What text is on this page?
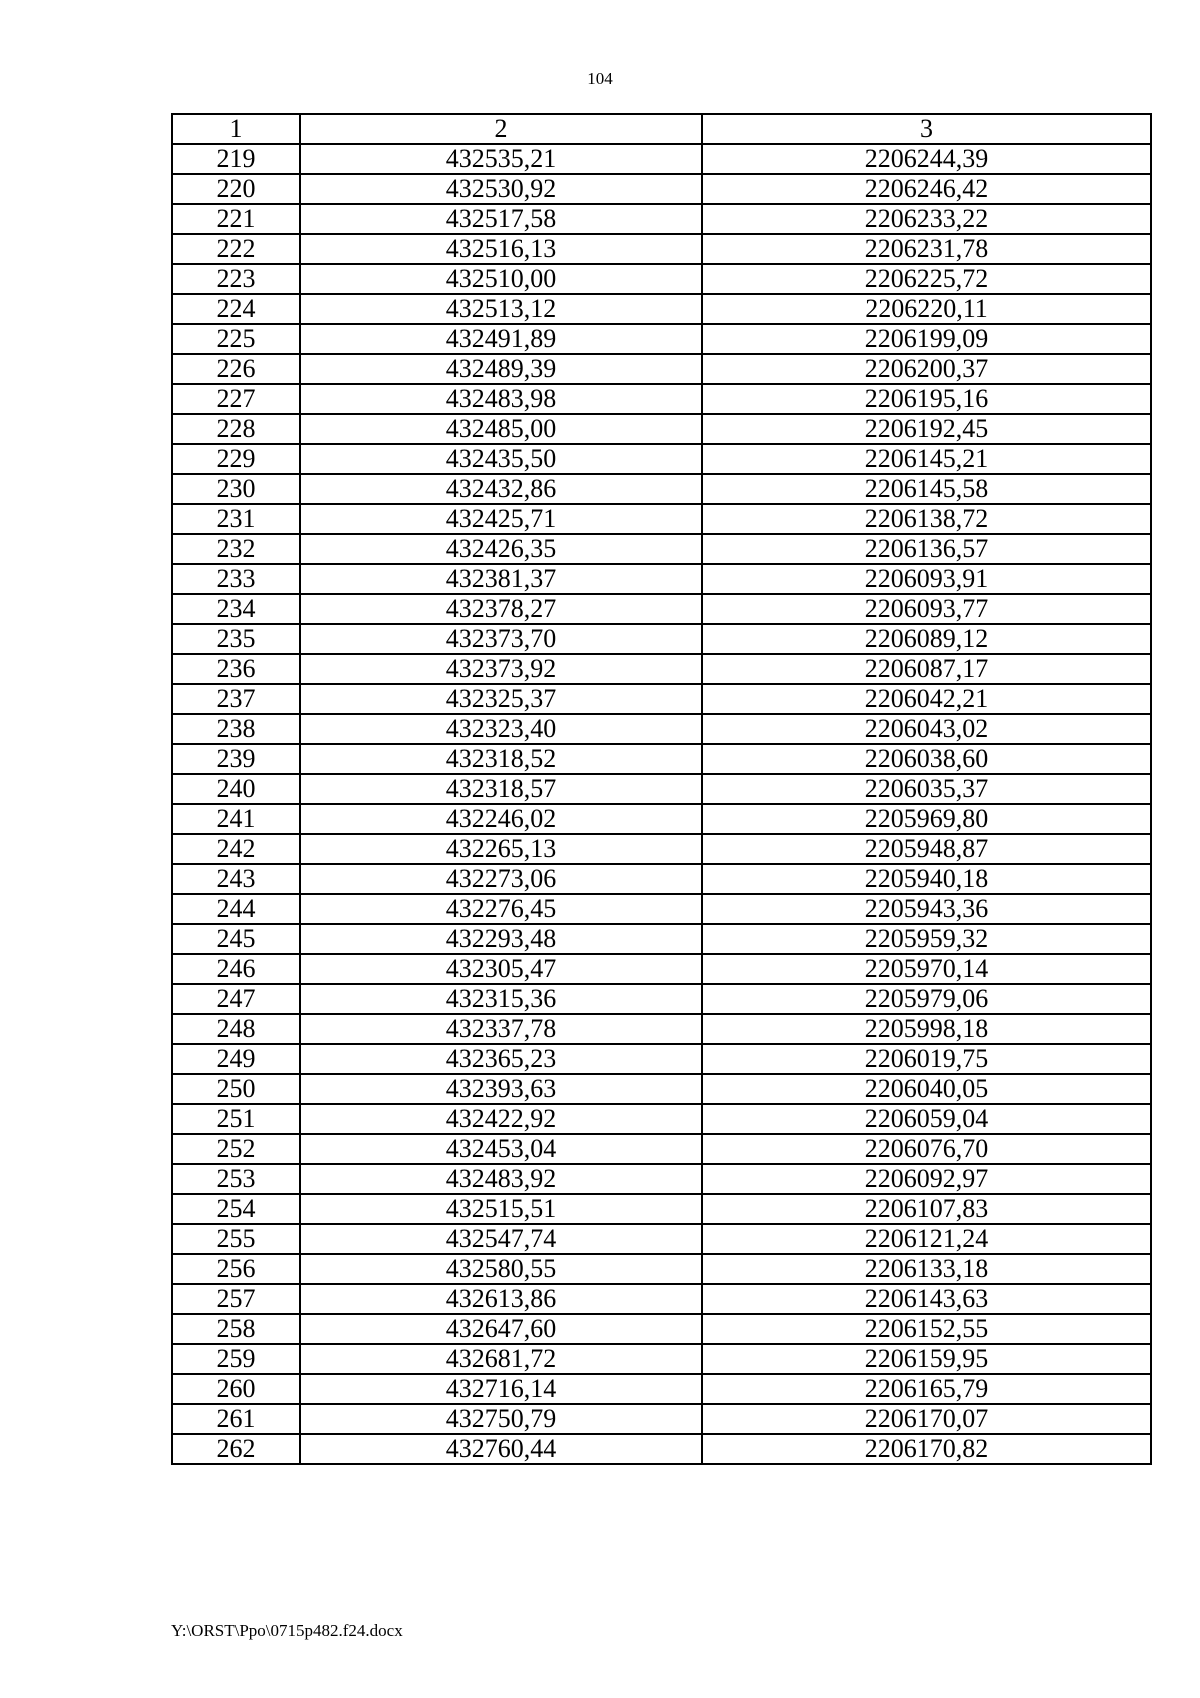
104
1	2	3
219	432535,21	2206244,39
220	432530,92	2206246,42
221	432517,58	2206233,22
222	432516,13	2206231,78
223	432510,00	2206225,72
224	432513,12	2206220,11
225	432491,89	2206199,09
226	432489,39	2206200,37
227	432483,98	2206195,16
228	432485,00	2206192,45
229	432435,50	2206145,21
230	432432,86	2206145,58
231	432425,71	2206138,72
232	432426,35	2206136,57
233	432381,37	2206093,91
234	432378,27	2206093,77
235	432373,70	2206089,12
236	432373,92	2206087,17
237	432325,37	2206042,21
238	432323,40	2206043,02
239	432318,52	2206038,60
240	432318,57	2206035,37
241	432246,02	2205969,80
242	432265,13	2205948,87
243	432273,06	2205940,18
244	432276,45	2205943,36
245	432293,48	2205959,32
246	432305,47	2205970,14
247	432315,36	2205979,06
248	432337,78	2205998,18
249	432365,23	2206019,75
250	432393,63	2206040,05
251	432422,92	2206059,04
252	432453,04	2206076,70
253	432483,92	2206092,97
254	432515,51	2206107,83
255	432547,74	2206121,24
256	432580,55	2206133,18
257	432613,86	2206143,63
258	432647,60	2206152,55
259	432681,72	2206159,95
260	432716,14	2206165,79
261	432750,79	2206170,07
262	432760,44	2206170,82
Y:\ORST\Ppo\0715p482.f24.docx
